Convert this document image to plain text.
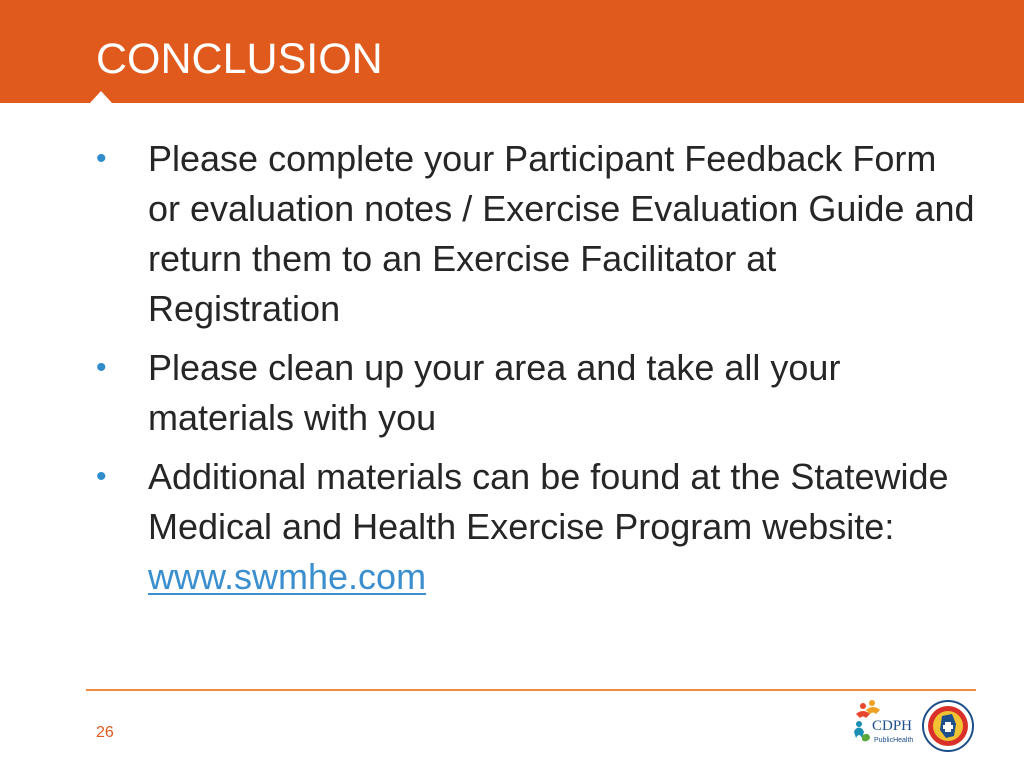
CONCLUSION
• Please complete your Participant Feedback Form or evaluation notes / Exercise Evaluation Guide and return them to an Exercise Facilitator at Registration
• Please clean up your area and take all your materials with you
• Additional materials can be found at the Statewide Medical and Health Exercise Program website: www.swmhe.com
26	CDPH
PublicHealth
